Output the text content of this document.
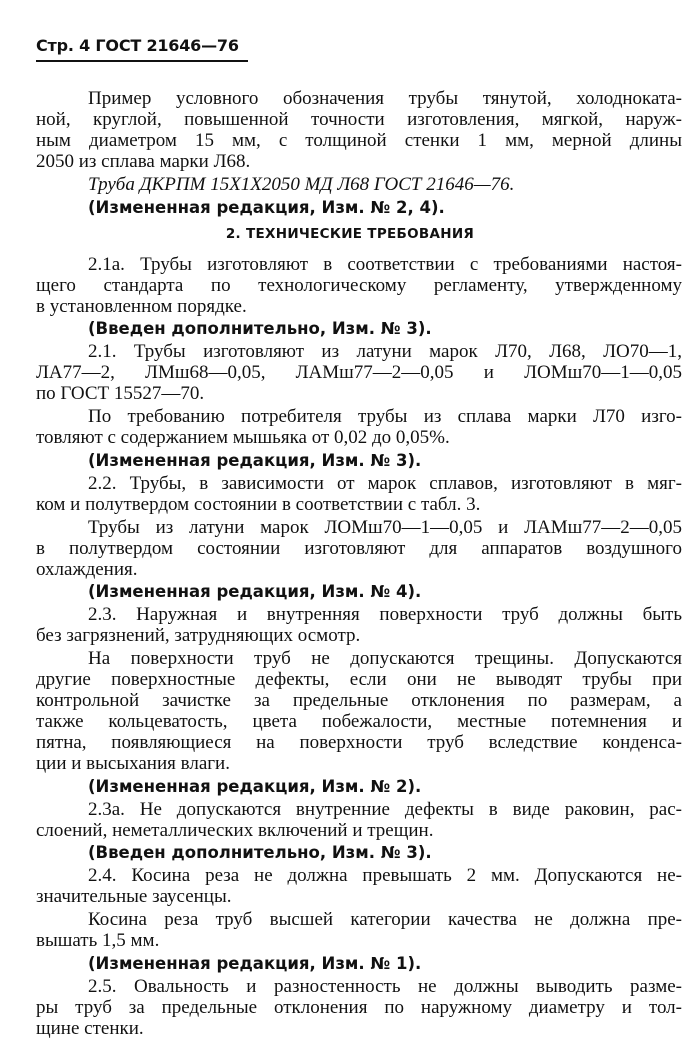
Стр. 4 ГОСТ 21646—76
Пример условного обозначения трубы тянутой, холоднокатa-
ной, круглой, повышенной точности изготовления, мягкой, наруж-
ным диаметром 15 мм, с толщиной стенки 1 мм, мерной длины
2050 из сплава марки Л68.
Труба ДКРПМ 15Х1Х2050 МД Л68 ГОСТ 21646—76.
(Измененная редакция, Изм. № 2, 4).
2. ТЕХНИЧЕСКИЕ ТРЕБОВАНИЯ
2.1а. Трубы изготовляют в соответствии с требованиями настоя-
щего стандарта по технологическому регламенту, утвержденному
в установленном порядке.
(Введен дополнительно, Изм. № 3).
2.1. Трубы изготовляют из латуни марок Л70, Л68, ЛО70—1,
ЛА77—2, ЛМш68—0,05, ЛАМш77—2—0,05 и ЛОМш70—1—0,05
по ГОСТ 15527—70.
По требованию потребителя трубы из сплава марки Л70 изго-
товляют с содержанием мышьяка от 0,02 до 0,05%.
(Измененная редакция, Изм. № 3).
2.2. Трубы, в зависимости от марок сплавов, изготовляют в мяг-
ком и полутвердом состоянии в соответствии с табл. 3.
Трубы из латуни марок ЛОМш70—1—0,05 и ЛАМш77—2—0,05
в полутвердом состоянии изготовляют для аппаратов воздушного
охлаждения.
(Измененная редакция, Изм. № 4).
2.3. Наружная и внутренняя поверхности труб должны быть
без загрязнений, затрудняющих осмотр.
На поверхности труб не допускаются трещины. Допускаются
другие поверхностные дефекты, если они не выводят трубы при
контрольной зачистке за предельные отклонения по размерам, а
также кольцеватость, цвета побежалости, местные потемнения и
пятна, появляющиеся на поверхности труб вследствие конденса-
ции и высыхания влаги.
(Измененная редакция, Изм. № 2).
2.3а. Не допускаются внутренние дефекты в виде раковин, рас-
слоений, неметаллических включений и трещин.
(Введен дополнительно, Изм. № 3).
2.4. Косина реза не должна превышать 2 мм. Допускаются не-
значительные заусенцы.
Косина реза труб высшей категории качества не должна пре-
вышать 1,5 мм.
(Измененная редакция, Изм. № 1).
2.5. Овальность и разностенность не должны выводить разме-
ры труб за предельные отклонения по наружному диаметру и тол-
щине стенки.
